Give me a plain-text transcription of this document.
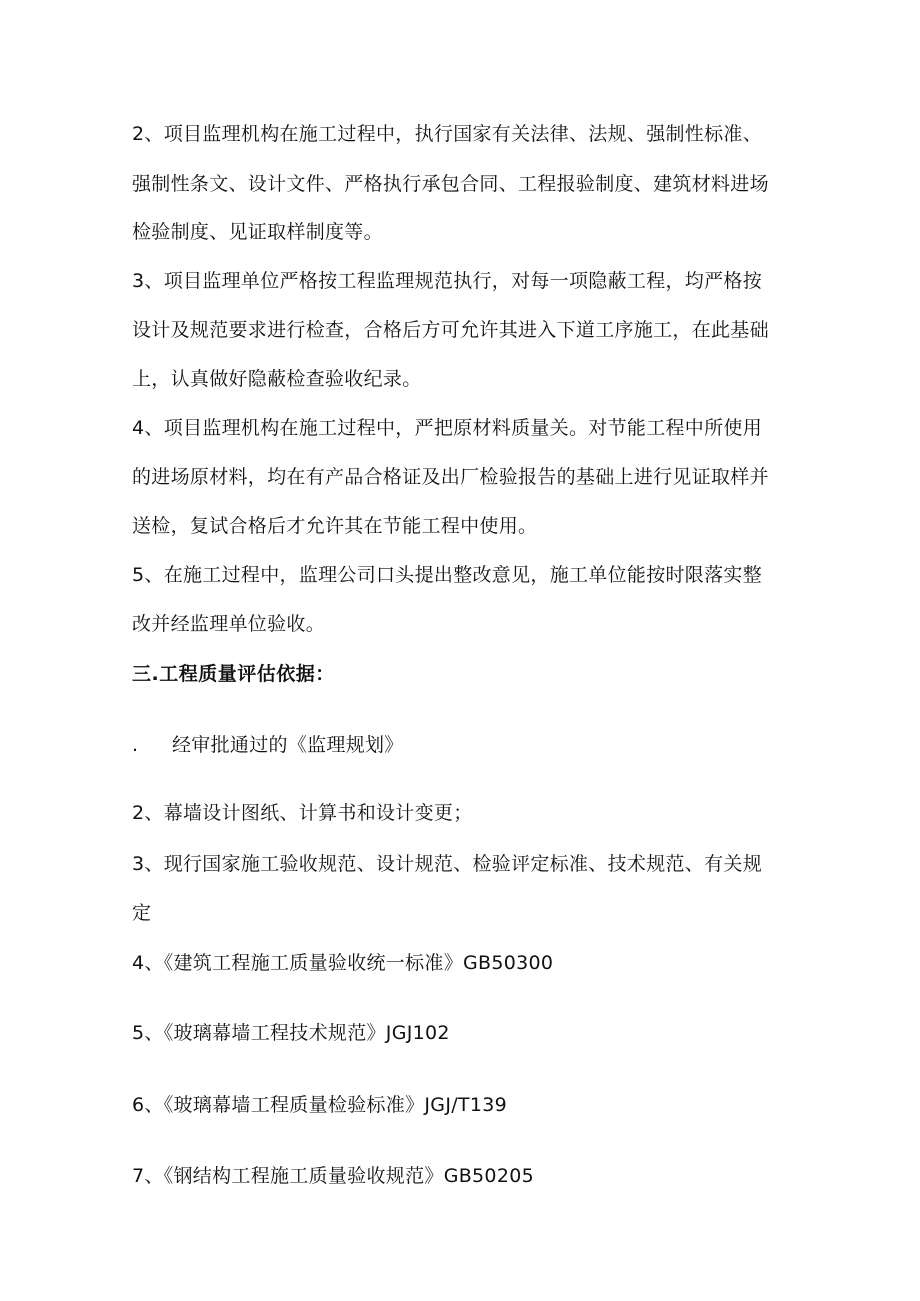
2、项目监理机构在施工过程中，执行国家有关法律、法规、强制性标准、
强制性条文、设计文件、严格执行承包合同、工程报验制度、建筑材料进场
检验制度、见证取样制度等。
3、项目监理单位严格按工程监理规范执行，对每一项隐蔽工程，均严格按
设计及规范要求进行检查，合格后方可允许其进入下道工序施工，在此基础
上，认真做好隐蔽检查验收纪录。
4、项目监理机构在施工过程中，严把原材料质量关。对节能工程中所使用
的进场原材料，均在有产品合格证及出厂检验报告的基础上进行见证取样并
送检，复试合格后才允许其在节能工程中使用。
5、在施工过程中，监理公司口头提出整改意见，施工单位能按时限落实整
改并经监理单位验收。
三.工程质量评估依据：
. 经审批通过的《监理规划》
2、幕墙设计图纸、计算书和设计变更；
3、现行国家施工验收规范、设计规范、检验评定标准、技术规范、有关规
定
4、《建筑工程施工质量验收统一标准》GB50300
5、《玻璃幕墙工程技术规范》JGJ102
6、《玻璃幕墙工程质量检验标准》JGJ/T139
7、《钢结构工程施工质量验收规范》GB50205
